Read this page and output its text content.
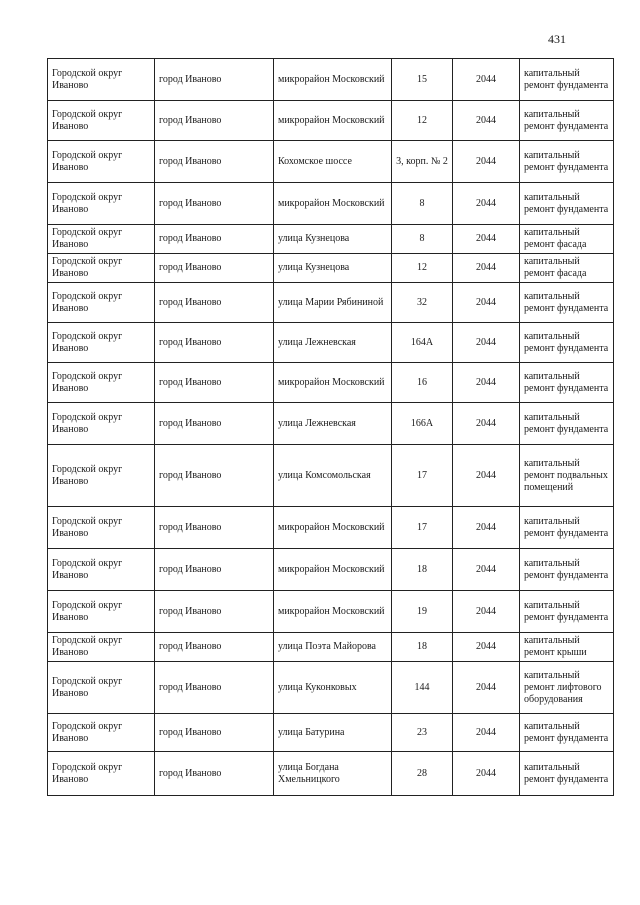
431
Городской округ Иваново	город Иваново	микрорайон Московский	15	2044	капитальный ремонт фундамента
Городской округ Иваново	город Иваново	микрорайон Московский	12	2044	капитальный ремонт фундамента
Городской округ Иваново	город Иваново	Кохомское шоссе	3, корп. № 2	2044	капитальный ремонт фундамента
Городской округ Иваново	город Иваново	микрорайон Московский	8	2044	капитальный ремонт фундамента
Городской округ Иваново	город Иваново	улица Кузнецова	8	2044	капитальный ремонт фасада
Городской округ Иваново	город Иваново	улица Кузнецова	12	2044	капитальный ремонт фасада
Городской округ Иваново	город Иваново	улица Марии Рябининой	32	2044	капитальный ремонт фундамента
Городской округ Иваново	город Иваново	улица Лежневская	164А	2044	капитальный ремонт фундамента
Городской округ Иваново	город Иваново	микрорайон Московский	16	2044	капитальный ремонт фундамента
Городской округ Иваново	город Иваново	улица Лежневская	166А	2044	капитальный ремонт фундамента
Городской округ Иваново	город Иваново	улица Комсомольская	17	2044	капитальный ремонт подвальных помещений
Городской округ Иваново	город Иваново	микрорайон Московский	17	2044	капитальный ремонт фундамента
Городской округ Иваново	город Иваново	микрорайон Московский	18	2044	капитальный ремонт фундамента
Городской округ Иваново	город Иваново	микрорайон Московский	19	2044	капитальный ремонт фундамента
Городской округ Иваново	город Иваново	улица Поэта Майорова	18	2044	капитальный ремонт крыши
Городской округ Иваново	город Иваново	улица Куконковых	144	2044	капитальный ремонт лифтового оборудования
Городской округ Иваново	город Иваново	улица Батурина	23	2044	капитальный ремонт фундамента
Городской округ Иваново	город Иваново	улица Богдана Хмельницкого	28	2044	капитальный ремонт фундамента
